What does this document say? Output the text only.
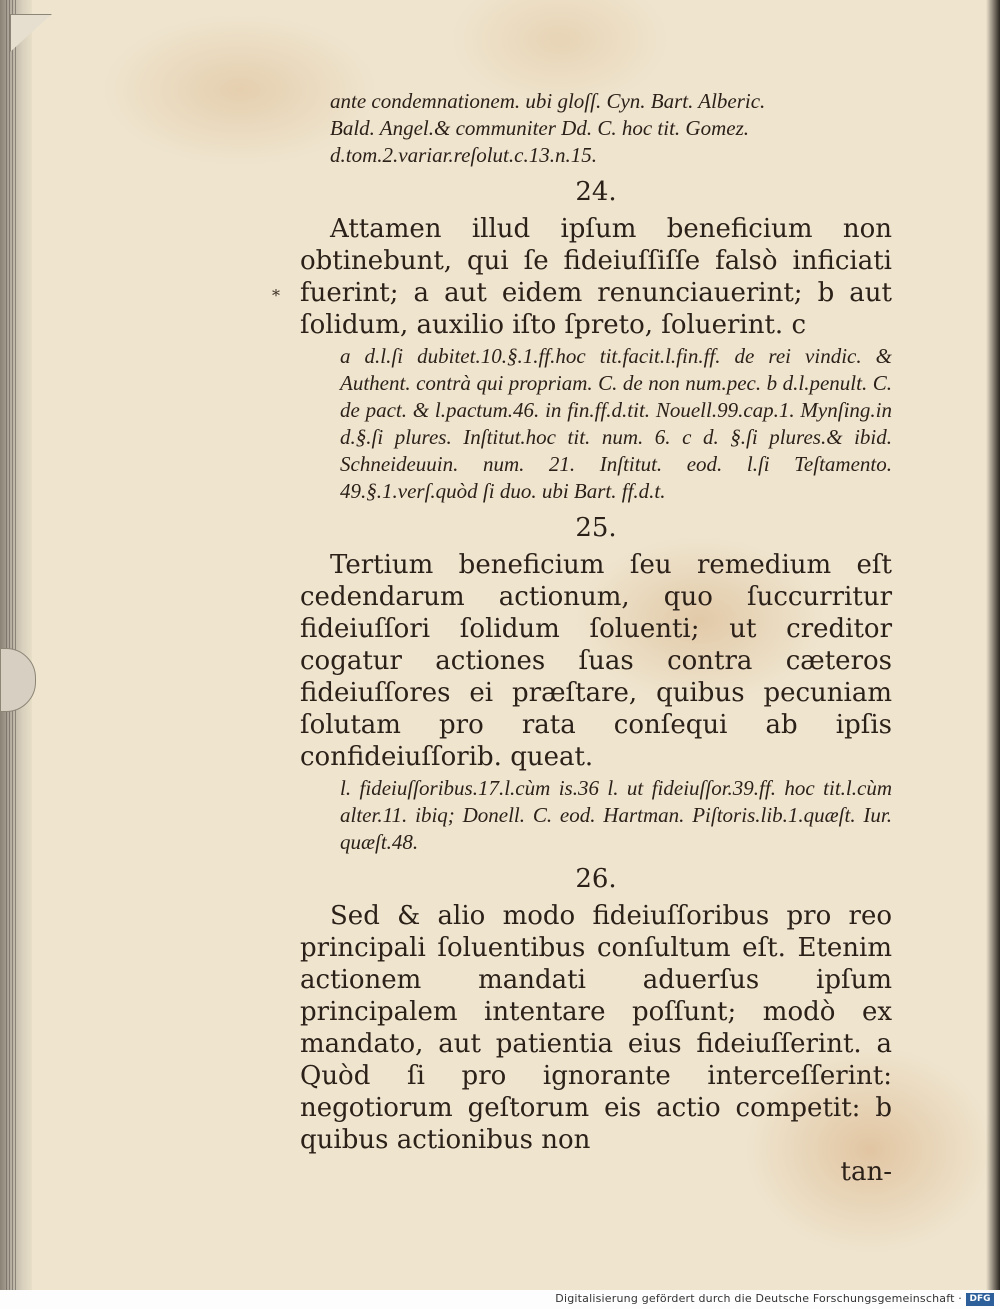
*
ante condemnationem. ubi gloſſ. Cyn. Bart. Alberic.
Bald. Angel.& communiter Dd. C. hoc tit. Gomez.
d.tom.2.variar.reſolut.c.13.n.15.
24.

Attamen illud ipſum beneficium non obtinebunt, qui ſe fideiuſſiſſe falsò inficiati fuerint; a aut eidem renunciauerint; b aut ſolidum, auxilio iſto ſpreto, ſoluerint. c

a d.l.ſi dubitet.10.§.1.ff.hoc tit.facit.l.fin.ff. de rei vindic. & Authent. contrà qui propriam. C. de non num.pec. b d.l.penult. C. de pact. & l.pactum.46. in fin.ff.d.tit. Nouell.99.cap.1. Mynſing.in d.§.ſi plures. Inſtitut.hoc tit. num. 6. c d. §.ſi plures.& ibid. Schneideuuin. num. 21. Inſtitut. eod. l.ſi Teſtamento. 49.§.1.verſ.quòd ſi duo. ubi Bart. ff.d.t.
25.

Tertium beneficium ſeu remedium eſt cedendarum actionum, quo ſuccurritur fideiuſſori ſolidum ſoluenti; ut creditor cogatur actiones ſuas contra cæteros fideiuſſores ei præſtare, quibus pecuniam ſolutam pro rata conſequi ab ipſis confideiuſſorib. queat.

l. fideiuſſoribus.17.l.cùm is.36 l. ut fideiuſſor.39.ff. hoc tit.l.cùm alter.11. ibiq; Donell. C. eod. Hartman. Piſtoris.lib.1.quæſt. Iur. quæſt.48.
26.

Sed & alio modo fideiuſſoribus pro reo principali ſoluentibus conſultum eſt. Etenim actionem mandati aduerſus ipſum principalem intentare poſſunt; modò ex mandato, aut patientia eius fideiuſſerint. a Quòd ſi pro ignorante interceſſerint: negotiorum geſtorum eis actio competit: b quibus actionibus non

tan-
Digitalisierung gefördert durch die Deutsche Forschungsgemeinschaft · DFG
